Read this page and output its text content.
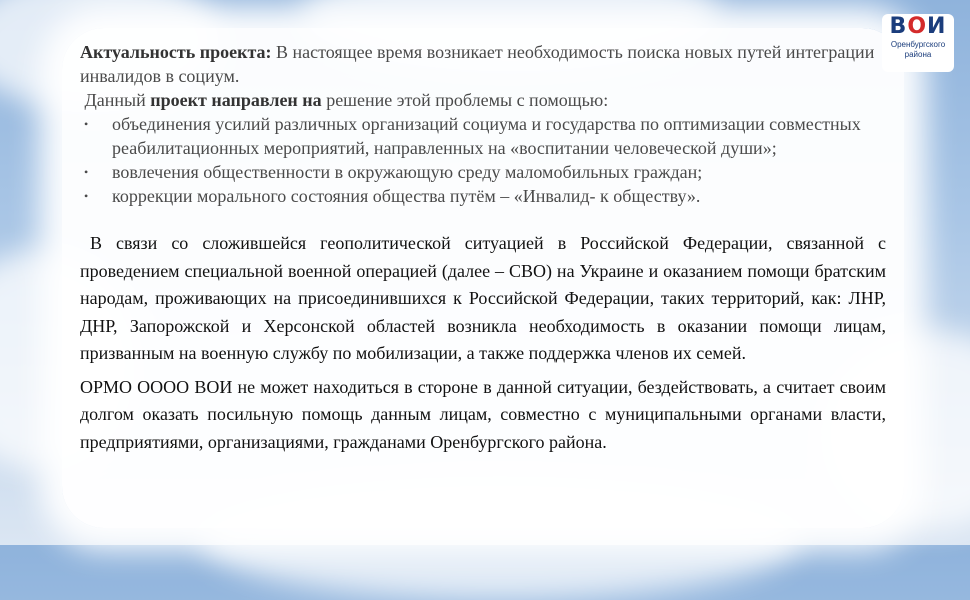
ВОИ
Оренбургского
района
Актуальность проекта: В настоящее время возникает необходимость поиска новых путей интеграции инвалидов в социум.
Данный проект направлен на решение этой проблемы с помощью:
• объединения усилий различных организаций социума и государства по оптимизации совместных реабилитационных мероприятий, направленных на «воспитании человеческой души»;
• вовлечения общественности в окружающую среду маломобильных граждан;
• коррекции морального состояния общества путём – «Инвалид- к обществу».
В связи со сложившейся геополитической ситуацией в Российской Федерации, связанной с проведением специальной военной операцией (далее – СВО) на Украине и оказанием помощи братским народам, проживающих на присоединившихся к Российской Федерации, таких территорий, как: ЛНР, ДНР, Запорожской и Херсонской областей возникла необходимость в оказании помощи лицам, призванным на военную службу по мобилизации, а также поддержка членов их семей.
ОРМО ОООО ВОИ не может находиться в стороне в данной ситуации, бездействовать, а считает своим долгом оказать посильную помощь данным лицам, совместно с муниципальными органами власти, предприятиями, организациями, гражданами Оренбургского района.
